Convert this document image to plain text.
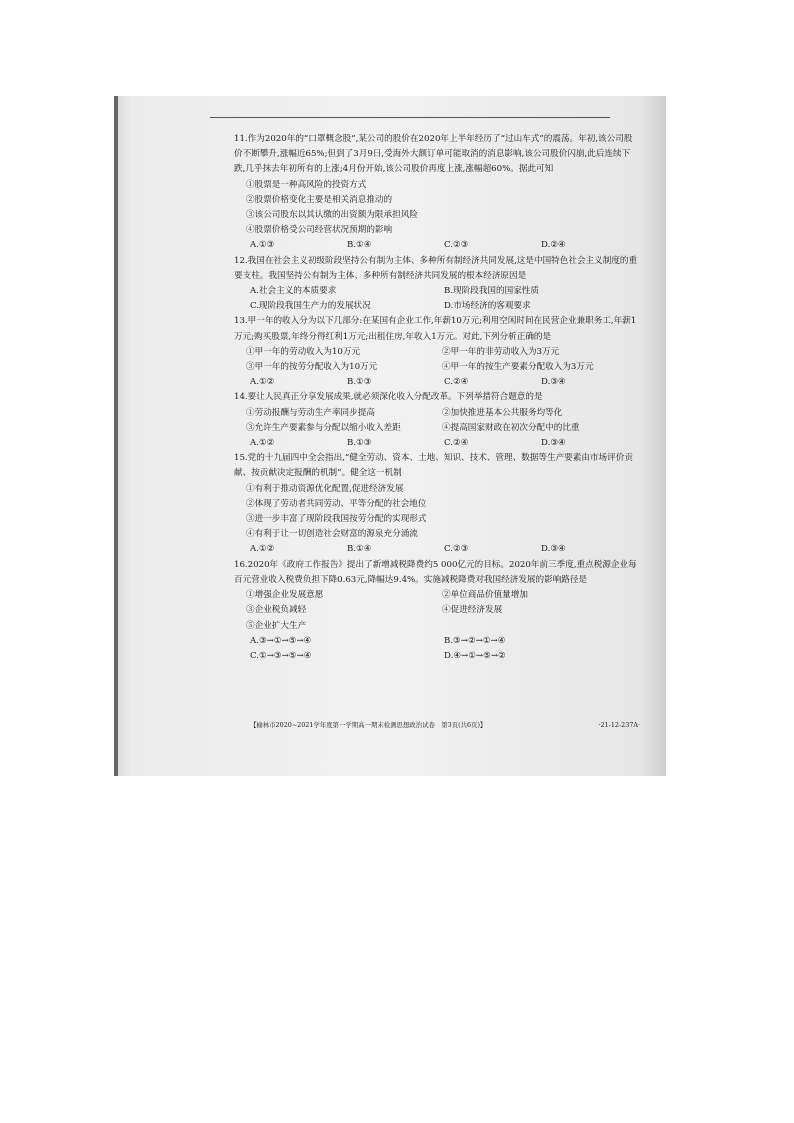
11.作为2020年的“口罩概念股”,某公司的股价在2020年上半年经历了“过山车式”的震荡。年初,该公司股价不断攀升,涨幅近65%;但到了3月9日,受海外大额订单可能取消的消息影响,该公司股价闪崩,此后连续下跌,几乎抹去年初所有的上涨;4月份开始,该公司股价再度上涨,涨幅超60%。据此可知
①股票是一种高风险的投资方式
②股票价格变化主要是相关消息推动的
③该公司股东以其认缴的出资额为限承担风险
④股票价格受公司经营状况预期的影响
A.①③	B.①④	C.②③	D.②④
12.我国在社会主义初级阶段坚持公有制为主体、多种所有制经济共同发展,这是中国特色社会主义制度的重要支柱。我国坚持公有制为主体、多种所有制经济共同发展的根本经济原因是
A.社会主义的本质要求	B.现阶段我国的国家性质
C.现阶段我国生产力的发展状况	D.市场经济的客观要求
13.甲一年的收入分为以下几部分:在某国有企业工作,年薪10万元;利用空闲时间在民营企业兼职务工,年薪1万元;购买股票,年终分得红利1万元;出租住房,年收入1万元。对此,下列分析正确的是
①甲一年的劳动收入为10万元	②甲一年的非劳动收入为3万元
③甲一年的按劳分配收入为10万元	④甲一年的按生产要素分配收入为3万元
A.①②	B.①③	C.②④	D.③④
14.要让人民真正分享发展成果,就必须深化收入分配改革。下列举措符合题意的是
①劳动报酬与劳动生产率同步提高	②加快推进基本公共服务均等化
③允许生产要素参与分配以缩小收入差距	④提高国家财政在初次分配中的比重
A.①②	B.①③	C.②④	D.③④
15.党的十九届四中全会指出,“健全劳动、资本、土地、知识、技术、管理、数据等生产要素由市场评价贡献、按贡献决定报酬的机制”。健全这一机制
①有利于推动资源优化配置,促进经济发展
②体现了劳动者共同劳动、平等分配的社会地位
③进一步丰富了现阶段我国按劳分配的实现形式
④有利于让一切创造社会财富的源泉充分涌流
A.①②	B.①④	C.②③	D.③④
16.2020年《政府工作报告》提出了新增减税降费约5 000亿元的目标。2020年前三季度,重点税源企业每百元营业收入税费负担下降0.63元,降幅达9.4%。实施减税降费对我国经济发展的影响路径是
①增强企业发展意愿	②单位商品价值量增加
③企业税负减轻	④促进经济发展
⑤企业扩大生产
A.③→①→⑤→④	B.③→②→①→④
C.①→③→⑤→④	D.④→①→⑤→②
【榆林市2020~2021学年度第一学期高一期末检测思想政治试卷　第3页(共6页)】	·21-12-237A·
